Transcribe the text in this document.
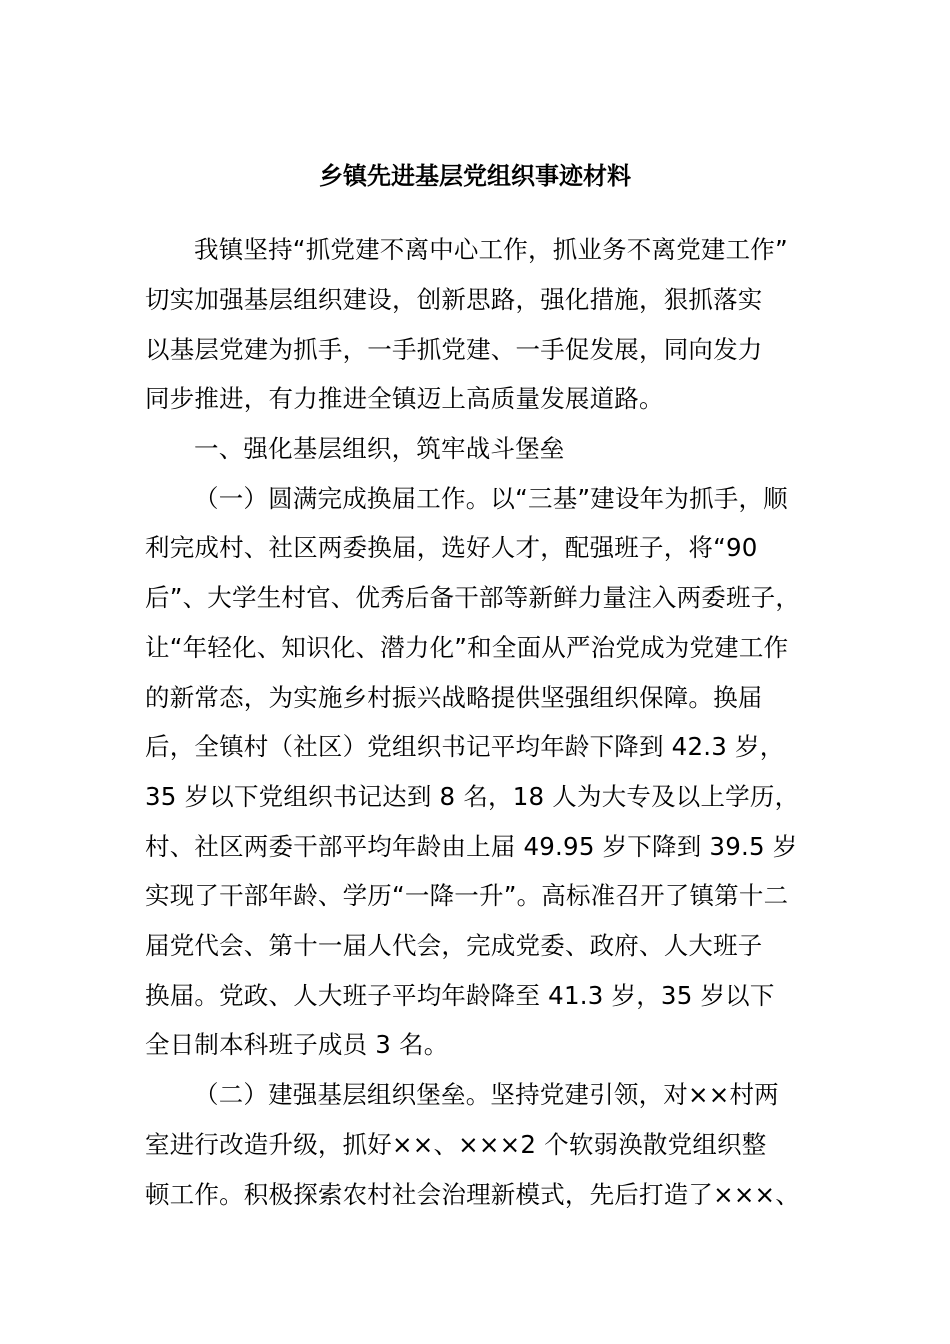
乡镇先进基层党组织事迹材料
我镇坚持“抓党建不离中心工作，抓业务不离党建工作”
切实加强基层组织建设，创新思路，强化措施，狠抓落实
以基层党建为抓手，一手抓党建、一手促发展，同向发力
同步推进，有力推进全镇迈上高质量发展道路。
一、强化基层组织，筑牢战斗堡垒
（一）圆满完成换届工作。以“三基”建设年为抓手，顺
利完成村、社区两委换届，选好人才，配强班子，将“90
后”、大学生村官、优秀后备干部等新鲜力量注入两委班子，
让“年轻化、知识化、潜力化”和全面从严治党成为党建工作
的新常态，为实施乡村振兴战略提供坚强组织保障。换届
后，全镇村（社区）党组织书记平均年龄下降到 42.3 岁，
35 岁以下党组织书记达到 8 名，18 人为大专及以上学历，
村、社区两委干部平均年龄由上届 49.95 岁下降到 39.5 岁
实现了干部年龄、学历“一降一升”。高标准召开了镇第十二
届党代会、第十一届人代会，完成党委、政府、人大班子
换届。党政、人大班子平均年龄降至 41.3 岁，35 岁以下
全日制本科班子成员 3 名。
（二）建强基层组织堡垒。坚持党建引领，对××村两
室进行改造升级，抓好××、×××2 个软弱涣散党组织整
顿工作。积极探索农村社会治理新模式，先后打造了×××、
